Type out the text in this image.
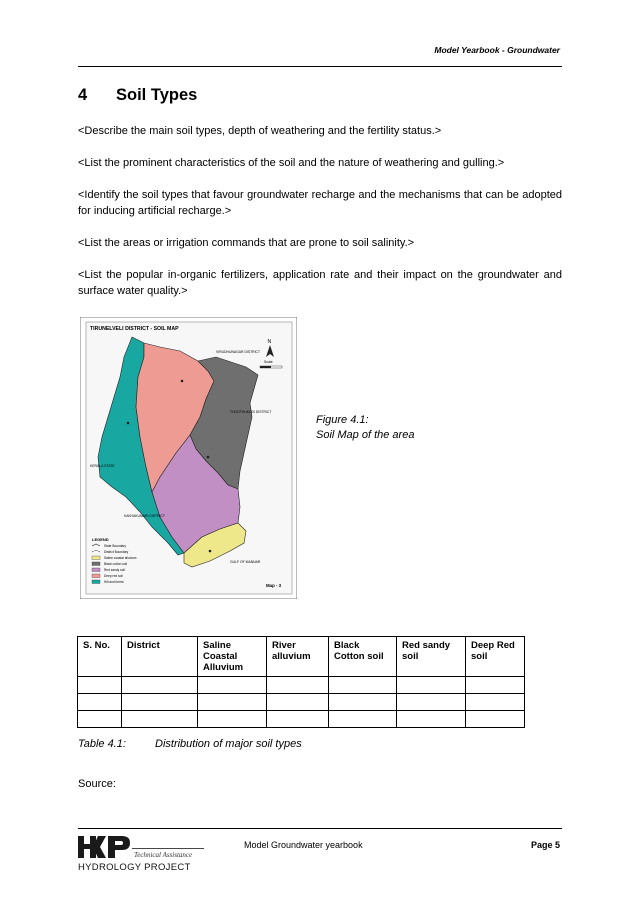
Model Yearbook - Groundwater
4 Soil Types
<Describe the main soil types, depth of weathering and the fertility status.>
<List the prominent characteristics of the soil and the nature of weathering and gulling.>
<Identify the soil types that favour groundwater recharge and the mechanisms that can be adopted for inducing artificial recharge.>
<List the areas or irrigation commands that are prone to soil salinity.>
<List the popular in-organic fertilizers, application rate and their impact on the groundwater and surface water quality.>
TIRUNELVELI DISTRICT - SOIL MAP
N
Scale
VIRUDHUNAGAR DISTRICT
THOOTHUKUDI DISTRICT
KERALA STATE
KANYAKUMARI DISTRICT
GULF OF MANNAR
Map - 3
LEGEND
State Boundary
District Boundary
Saline coastal alluvium
Black cotton soil
Red sandy soil
Deep red soil
Hill and forest
Figure 4.1:
Soil Map of the area
S. No.	District	Saline Coastal Alluvium	River alluvium	Black Cotton soil	Red sandy soil	Deep Red soil

Table 4.1:	Distribution of major soil types
Source:
Technical Assistance
HYDROLOGY PROJECT
Model Groundwater yearbook	Page 5
